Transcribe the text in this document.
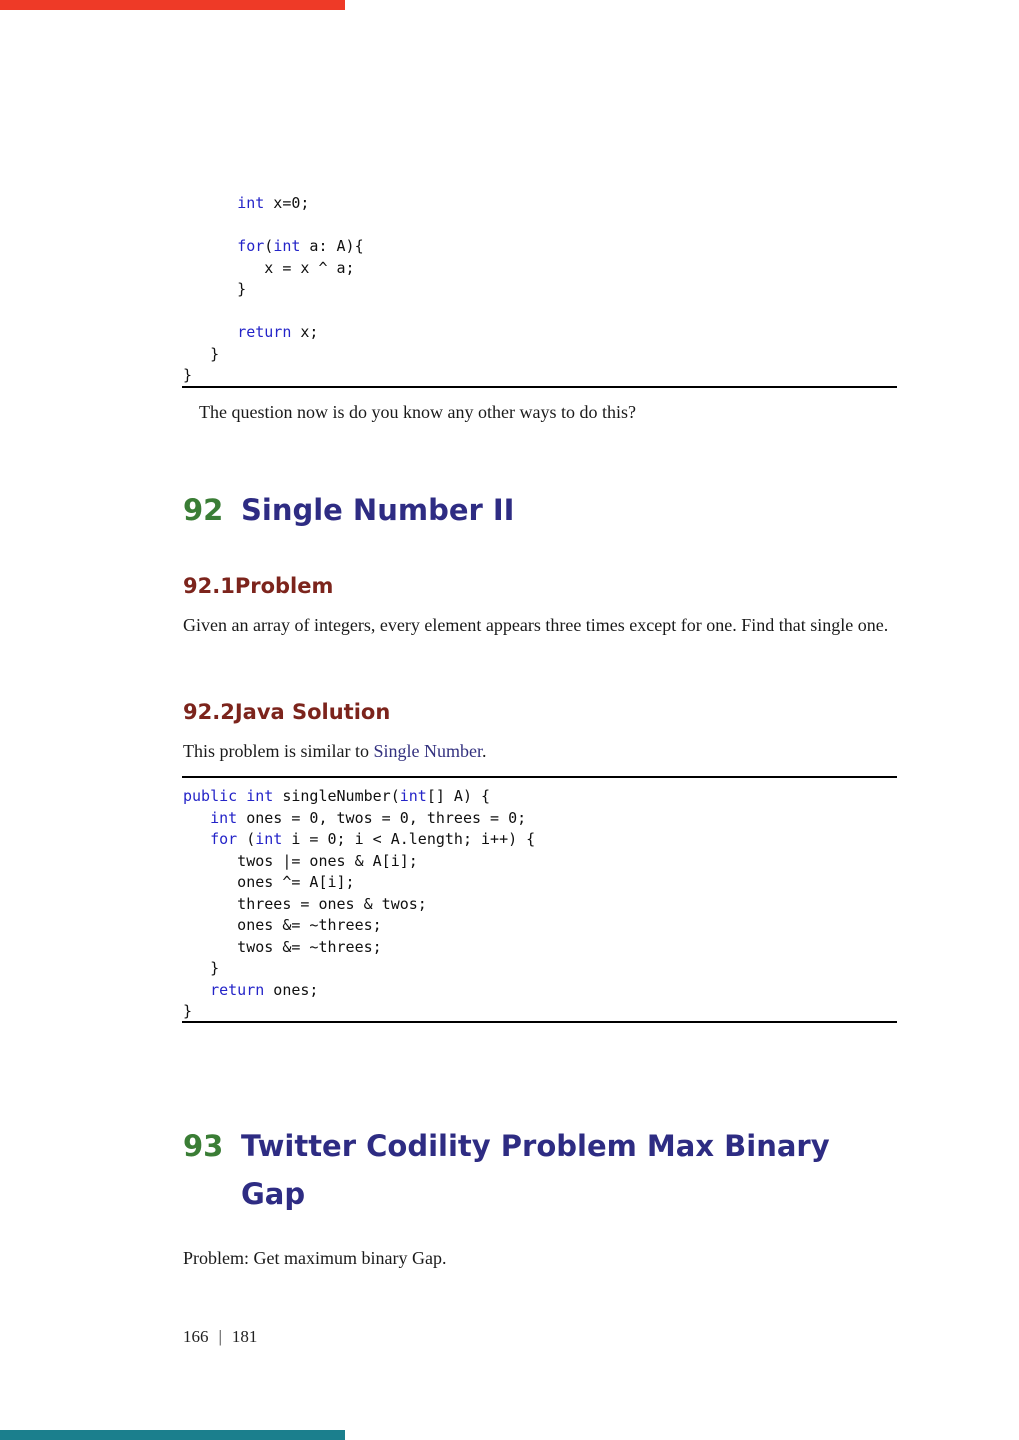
int x=0;

for(int a: A){
x = x ^ a;
}

return x;
}
}

The question now is do you know any other ways to do this?

92 Single Number II
92.1 Problem

Given an array of integers, every element appears three times except for one. Find that single one.

92.2 Java Solution

This problem is similar to Single Number.

public int singleNumber(int[] A) {
int ones = 0, twos = 0, threes = 0;
for (int i = 0; i < A.length; i++) {
twos |= ones & A[i];
ones ^= A[i];
threes = ones & twos;
ones &= ~threes;
twos &= ~threes;
}
return ones;
}
93 Twitter Codility Problem Max Binary Gap

Problem: Get maximum binary Gap.

166 | 181
